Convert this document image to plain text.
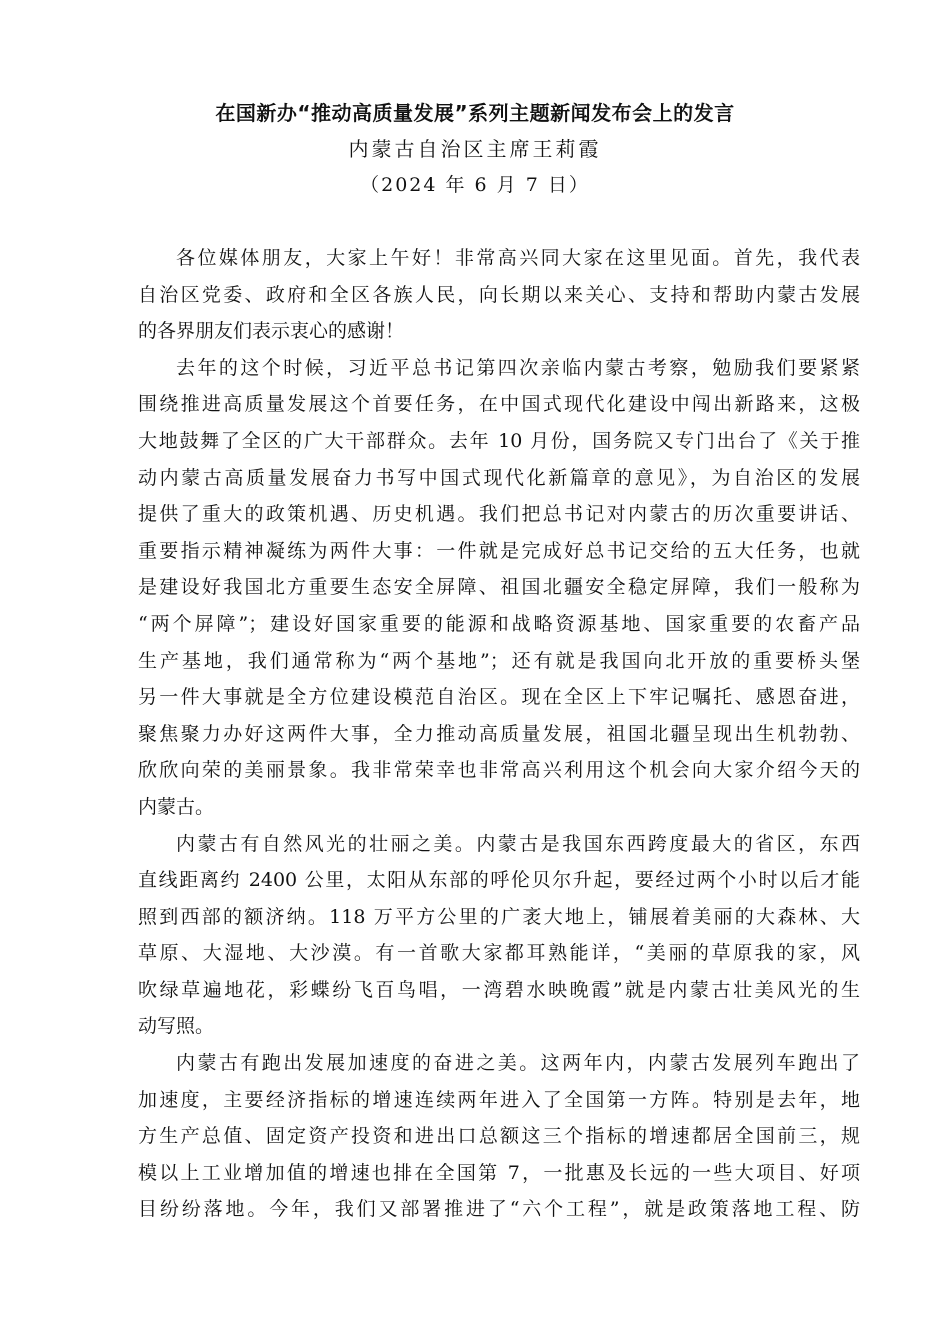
在国新办“推动高质量发展”系列主题新闻发布会上的发言
内蒙古自治区主席王莉霞
（2024 年 6 月 7 日）
各位媒体朋友，大家上午好！非常高兴同大家在这里见面。首先，我代表
自治区党委、政府和全区各族人民，向长期以来关心、支持和帮助内蒙古发展
的各界朋友们表示衷心的感谢！
去年的这个时候，习近平总书记第四次亲临内蒙古考察，勉励我们要紧紧
围绕推进高质量发展这个首要任务，在中国式现代化建设中闯出新路来，这极
大地鼓舞了全区的广大干部群众。去年 10 月份，国务院又专门出台了《关于推
动内蒙古高质量发展奋力书写中国式现代化新篇章的意见》，为自治区的发展
提供了重大的政策机遇、历史机遇。我们把总书记对内蒙古的历次重要讲话、
重要指示精神凝练为两件大事：一件就是完成好总书记交给的五大任务，也就
是建设好我国北方重要生态安全屏障、祖国北疆安全稳定屏障，我们一般称为
“两个屏障”；建设好国家重要的能源和战略资源基地、国家重要的农畜产品
生产基地，我们通常称为“两个基地”；还有就是我国向北开放的重要桥头堡
另一件大事就是全方位建设模范自治区。现在全区上下牢记嘱托、感恩奋进，
聚焦聚力办好这两件大事，全力推动高质量发展，祖国北疆呈现出生机勃勃、
欣欣向荣的美丽景象。我非常荣幸也非常高兴利用这个机会向大家介绍今天的
内蒙古。
内蒙古有自然风光的壮丽之美。内蒙古是我国东西跨度最大的省区，东西
直线距离约 2400 公里，太阳从东部的呼伦贝尔升起，要经过两个小时以后才能
照到西部的额济纳。118 万平方公里的广袤大地上，铺展着美丽的大森林、大
草原、大湿地、大沙漠。有一首歌大家都耳熟能详，“美丽的草原我的家，风
吹绿草遍地花，彩蝶纷飞百鸟唱，一湾碧水映晚霞”就是内蒙古壮美风光的生
动写照。
内蒙古有跑出发展加速度的奋进之美。这两年内，内蒙古发展列车跑出了
加速度，主要经济指标的增速连续两年进入了全国第一方阵。特别是去年，地
方生产总值、固定资产投资和进出口总额这三个指标的增速都居全国前三，规
模以上工业增加值的增速也排在全国第 7，一批惠及长远的一些大项目、好项
目纷纷落地。今年，我们又部署推进了“六个工程”，就是政策落地工程、防
